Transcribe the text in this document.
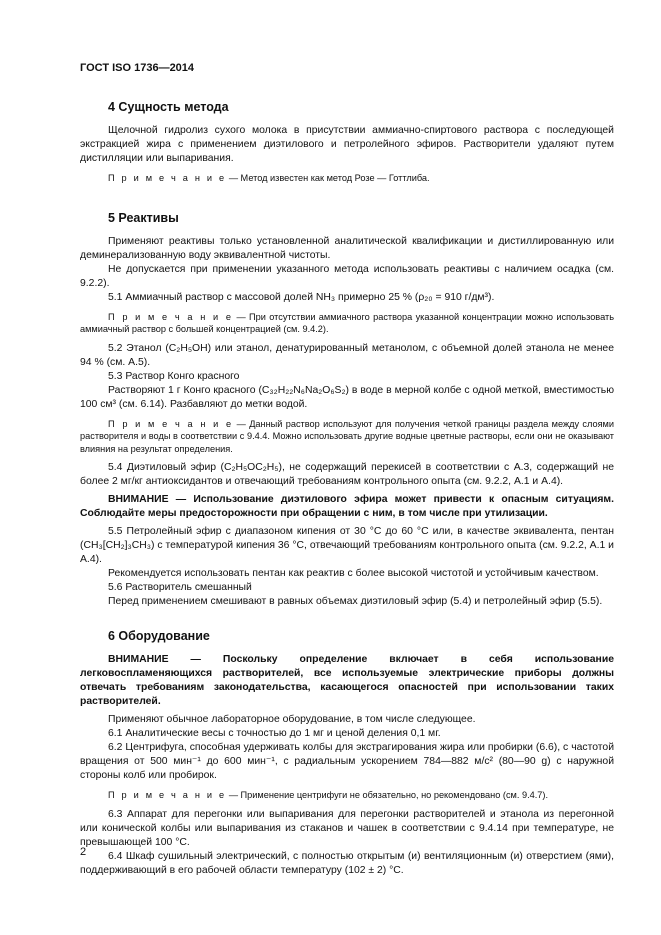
ГОСТ ISO 1736—2014
4 Сущность метода

Щелочной гидролиз сухого молока в присутствии аммиачно-спиртового раствора с последующей экстракцией жира с применением диэтилового и петролейного эфиров. Растворители удаляют путем дистилляции или выпаривания.

П р и м е ч а н и е — Метод известен как метод Розе — Готтлиба.

5 Реактивы

Применяют реактивы только установленной аналитической квалификации и дистиллированную или деминерализованную воду эквивалентной чистоты.

Не допускается при применении указанного метода использовать реактивы с наличием осадка (см. 9.2.2).

5.1 Аммиачный раствор с массовой долей NH₃ примерно 25 % (ρ₂₀ = 910 г/дм³).

П р и м е ч а н и е — При отсутствии аммиачного раствора указанной концентрации можно использовать аммиачный раствор с большей концентрацией (см. 9.4.2).

5.2 Этанол (C₂H₅OH) или этанол, денатурированный метанолом, с объемной долей этанола не менее 94 % (см. А.5).

5.3 Раствор Конго красного

Растворяют 1 г Конго красного (C₃₂H₂₂N₆Na₂O₆S₂) в воде в мерной колбе с одной меткой, вместимостью 100 см³ (см. 6.14). Разбавляют до метки водой.

П р и м е ч а н и е — Данный раствор используют для получения четкой границы раздела между слоями растворителя и воды в соответствии с 9.4.4. Можно использовать другие водные цветные растворы, если они не оказывают влияния на результат определения.

5.4 Диэтиловый эфир (C₂H₅OC₂H₅), не содержащий перекисей в соответствии с А.3, содержащий не более 2 мг/кг антиоксидантов и отвечающий требованиям контрольного опыта (см. 9.2.2, А.1 и А.4).

ВНИМАНИЕ — Использование диэтилового эфира может привести к опасным ситуациям. Соблюдайте меры предосторожности при обращении с ним, в том числе при утилизации.

5.5 Петролейный эфир с диапазоном кипения от 30 °С до 60 °С или, в качестве эквивалента, пентан (CH₃[CH₂]₃CH₃) с температурой кипения 36 °С, отвечающий требованиям контрольного опыта (см. 9.2.2, А.1 и А.4).

Рекомендуется использовать пентан как реактив с более высокой чистотой и устойчивым качеством.

5.6 Растворитель смешанный

Перед применением смешивают в равных объемах диэтиловый эфир (5.4) и петролейный эфир (5.5).

6 Оборудование

ВНИМАНИЕ — Поскольку определение включает в себя использование легковоспламеняющихся растворителей, все используемые электрические приборы должны отвечать требованиям законодательства, касающегося опасностей при использовании таких растворителей.

Применяют обычное лабораторное оборудование, в том числе следующее.

6.1 Аналитические весы с точностью до 1 мг и ценой деления 0,1 мг.

6.2 Центрифуга, способная удерживать колбы для экстрагирования жира или пробирки (6.6), с частотой вращения от 500 мин⁻¹ до 600 мин⁻¹, с радиальным ускорением 784—882 м/с² (80—90 g) с наружной стороны колб или пробирок.

П р и м е ч а н и е — Применение центрифуги не обязательно, но рекомендовано (см. 9.4.7).

6.3 Аппарат для перегонки или выпаривания для перегонки растворителей и этанола из перегонной или конической колбы или выпаривания из стаканов и чашек в соответствии с 9.4.14 при температуре, не превышающей 100 °С.

6.4 Шкаф сушильный электрический, с полностью открытым (и) вентиляционным (и) отверстием (ями), поддерживающий в его рабочей области температуру (102 ± 2) °С.

2
